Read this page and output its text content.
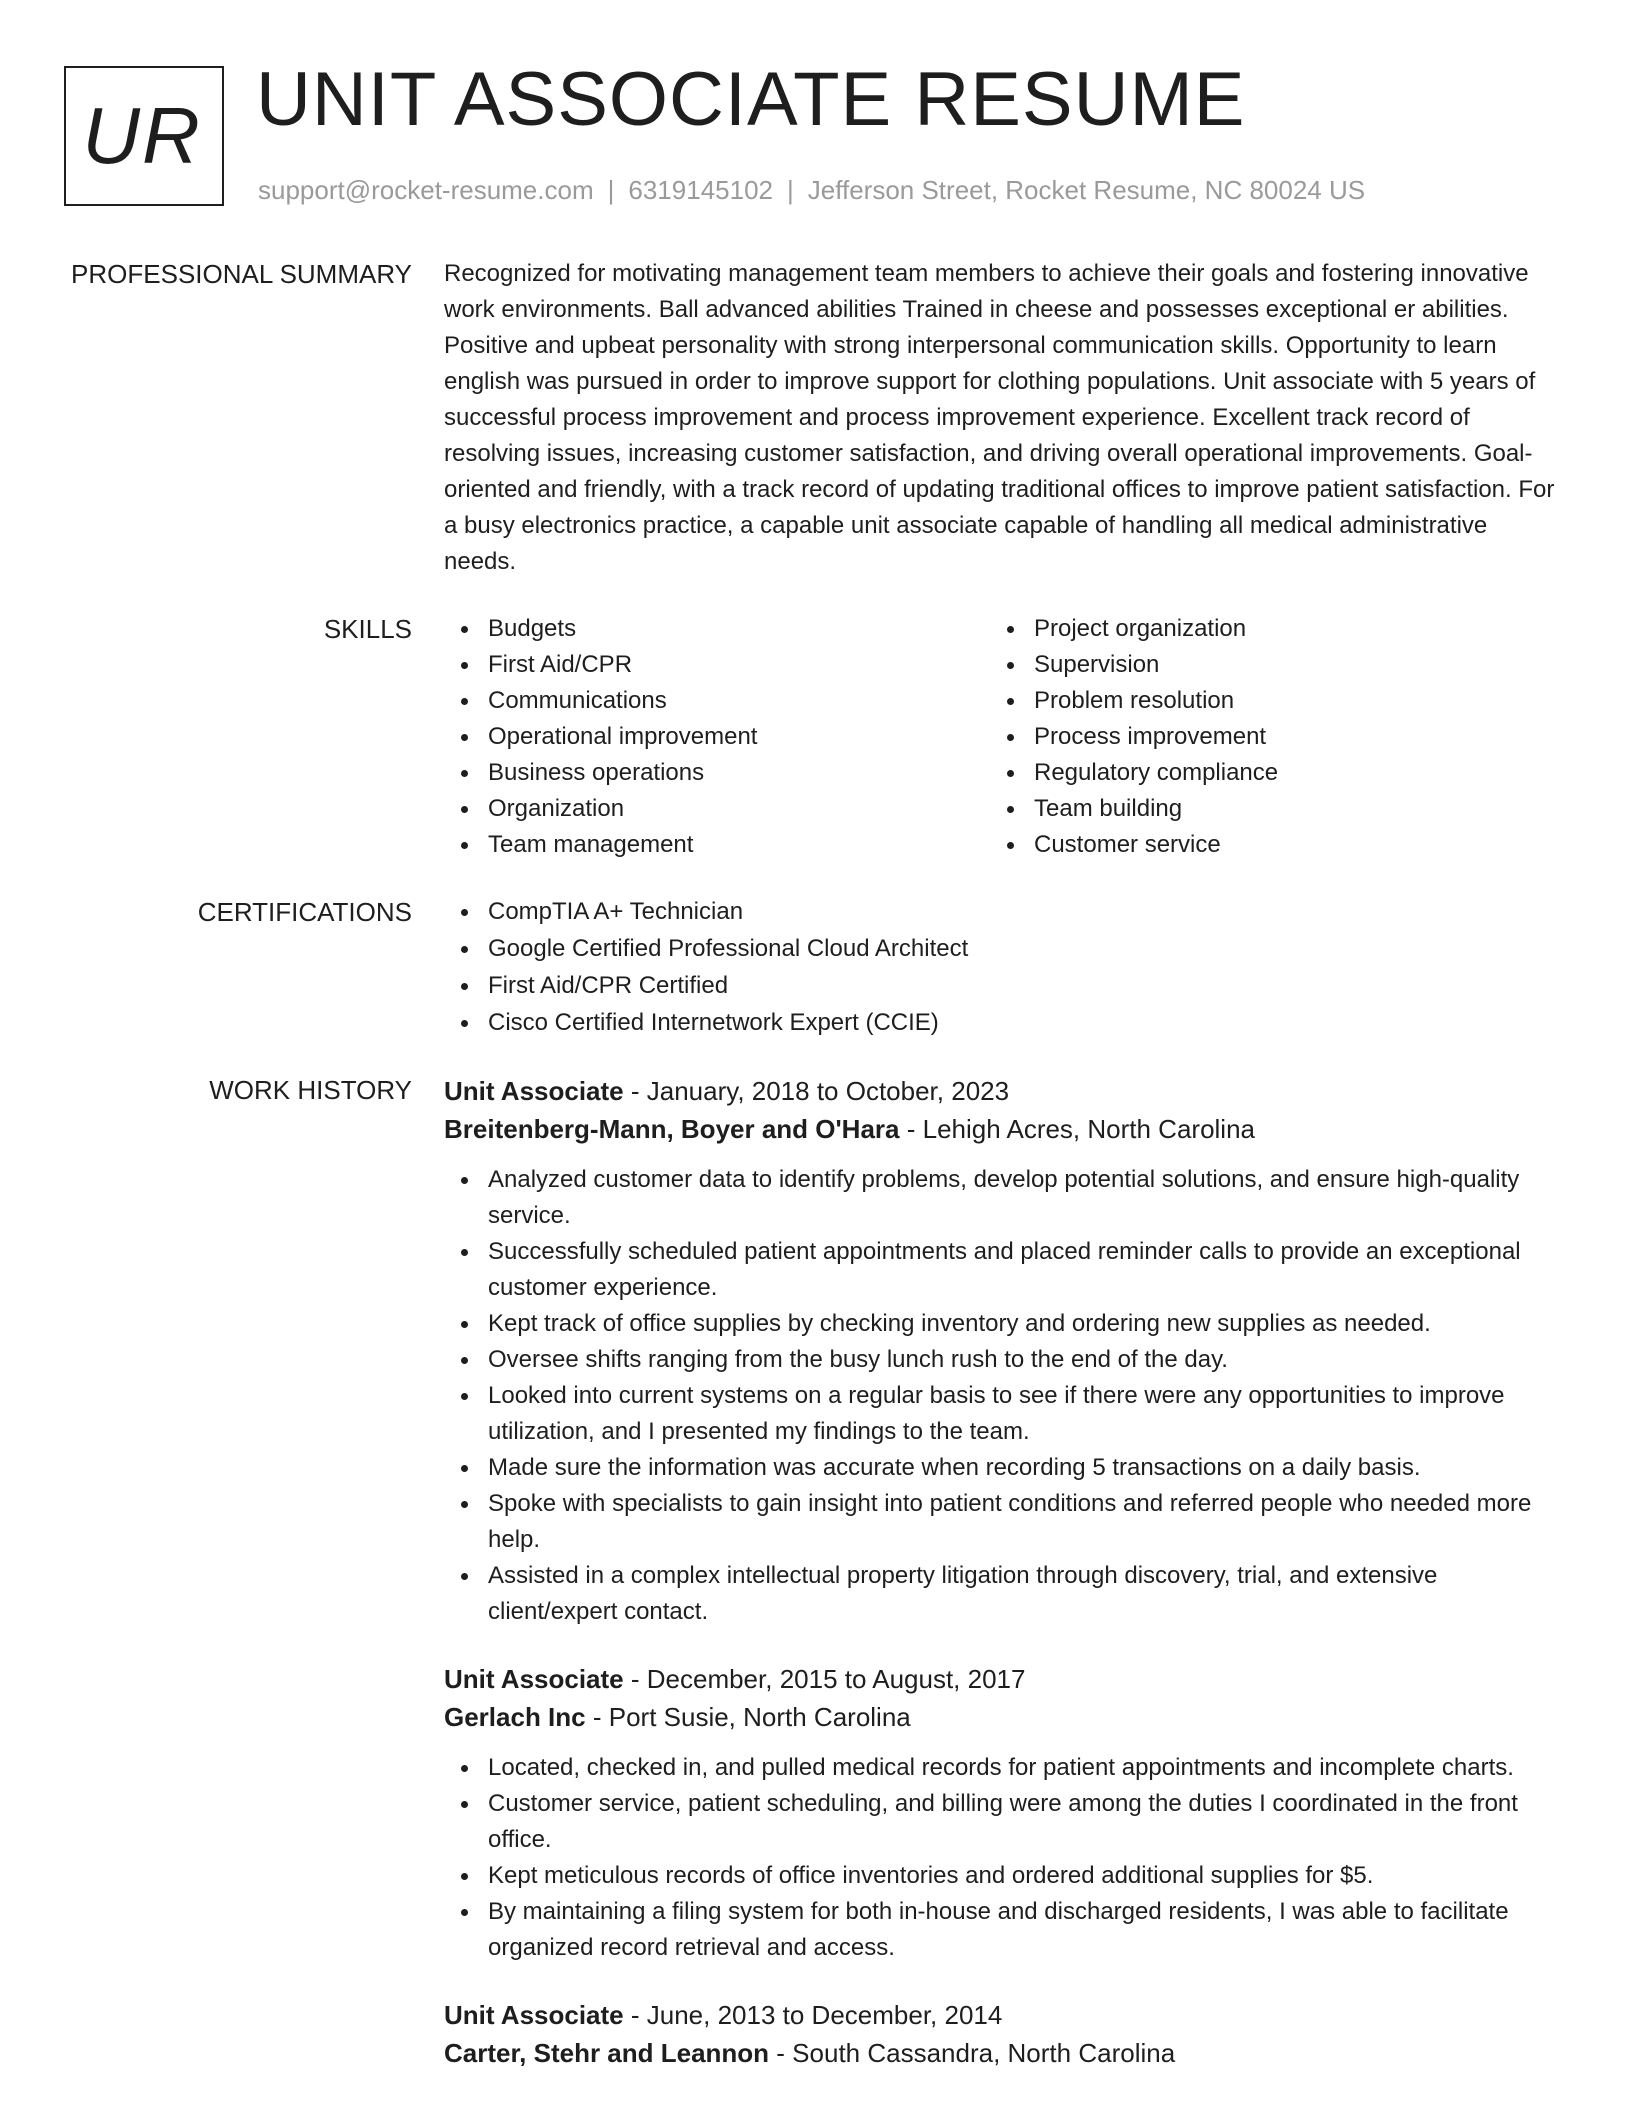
UR UNIT ASSOCIATE RESUME
support@rocket-resume.com | 6319145102 | Jefferson Street, Rocket Resume, NC 80024 US
PROFESSIONAL SUMMARY Recognized for motivating management team members to achieve their goals and fostering innovative work environments. Ball advanced abilities Trained in cheese and possesses exceptional er abilities. Positive and upbeat personality with strong interpersonal communication skills. Opportunity to learn english was pursued in order to improve support for clothing populations. Unit associate with 5 years of successful process improvement and process improvement experience. Excellent track record of resolving issues, increasing customer satisfaction, and driving overall operational improvements. Goal-oriented and friendly, with a track record of updating traditional offices to improve patient satisfaction. For a busy electronics practice, a capable unit associate capable of handling all medical administrative needs.

SKILLS	Budgets
First Aid/CPR
Communications
Operational improvement
Business operations
Organization
Team management
Project organization
Supervision
Problem resolution
Process improvement
Regulatory compliance
Team building
Customer service
CERTIFICATIONS	CompTIA A+ Technician
Google Certified Professional Cloud Architect
First Aid/CPR Certified
Cisco Certified Internetwork Expert (CCIE)
WORK HISTORY Unit Associate - January, 2018 to October, 2023
Breitenberg-Mann, Boyer and O'Hara - Lehigh Acres, North Carolina
Analyzed customer data to identify problems, develop potential solutions, and ensure high-quality service.
Successfully scheduled patient appointments and placed reminder calls to provide an exceptional customer experience.
Kept track of office supplies by checking inventory and ordering new supplies as needed.
Oversee shifts ranging from the busy lunch rush to the end of the day.
Looked into current systems on a regular basis to see if there were any opportunities to improve utilization, and I presented my findings to the team.
Made sure the information was accurate when recording 5 transactions on a daily basis.
Spoke with specialists to gain insight into patient conditions and referred people who needed more help.
Assisted in a complex intellectual property litigation through discovery, trial, and extensive client/expert contact.
Unit Associate - December, 2015 to August, 2017
Gerlach Inc - Port Susie, North Carolina
Located, checked in, and pulled medical records for patient appointments and incomplete charts.
Customer service, patient scheduling, and billing were among the duties I coordinated in the front office.
Kept meticulous records of office inventories and ordered additional supplies for $5.
By maintaining a filing system for both in-house and discharged residents, I was able to facilitate organized record retrieval and access.
Unit Associate - June, 2013 to December, 2014
Carter, Stehr and Leannon - South Cassandra, North Carolina
